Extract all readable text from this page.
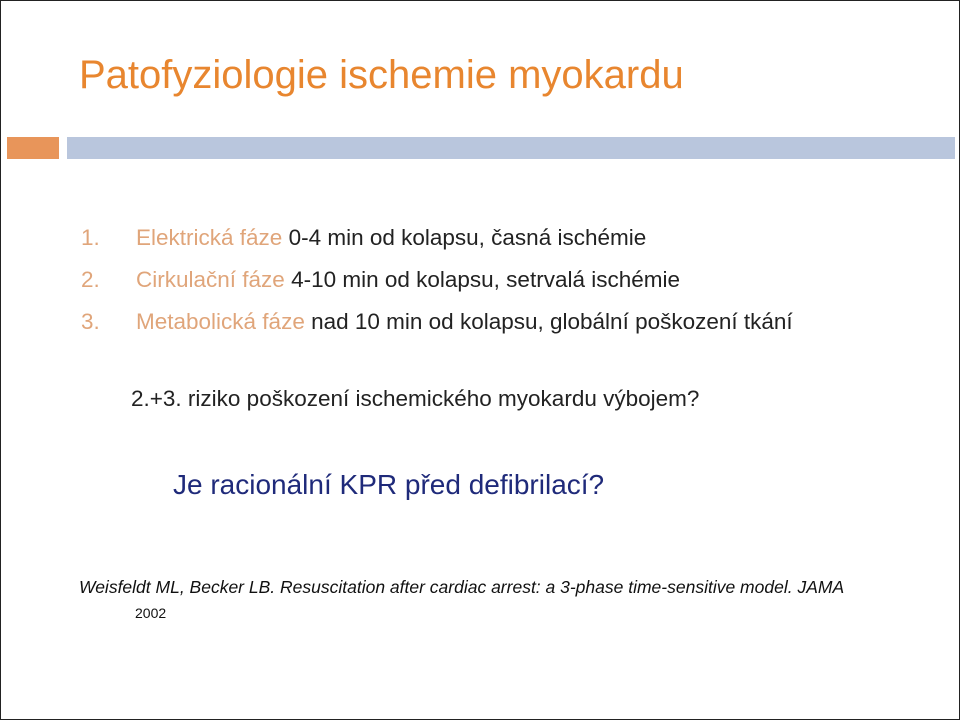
Patofyziologie ischemie myokardu
1. Elektrická fáze 0-4 min od kolapsu, časná ischémie
2. Cirkulační fáze 4-10 min od kolapsu, setrvalá ischémie
3. Metabolická fáze nad 10 min od kolapsu, globální poškození tkání

2.+3. riziko poškození ischemického myokardu výbojem?

Je racionální KPR před defibrilací?

Weisfeldt ML, Becker LB. Resuscitation after cardiac arrest: a 3-phase time-sensitive model. JAMA

2002
